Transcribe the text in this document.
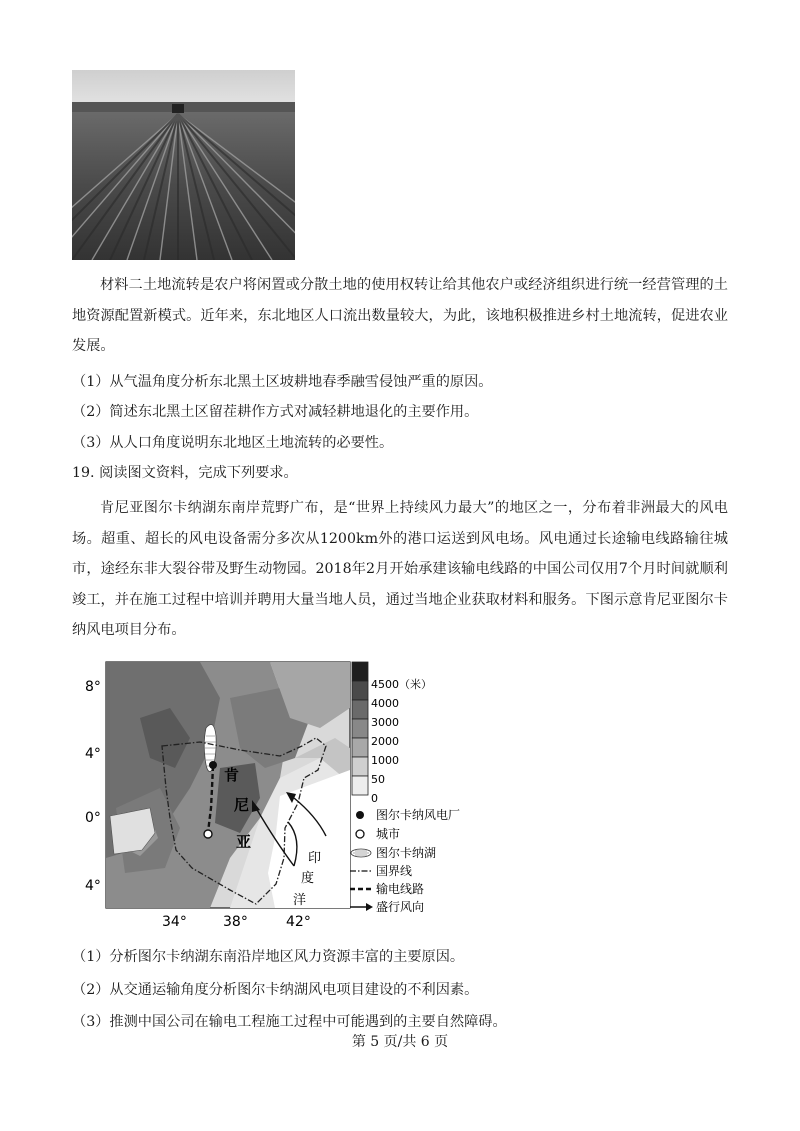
材料二土地流转是农户将闲置或分散土地的使用权转让给其他农户或经济组织进行统一经营管理的土地资源配置新模式。近年来，东北地区人口流出数量较大，为此，该地积极推进乡村土地流转，促进农业发展。
（1）从气温角度分析东北黑土区坡耕地春季融雪侵蚀严重的原因。
（2）简述东北黑土区留茬耕作方式对减轻耕地退化的主要作用。
（3）从人口角度说明东北地区土地流转的必要性。
19. 阅读图文资料，完成下列要求。
肯尼亚图尔卡纳湖东南岸荒野广布，是“世界上持续风力最大”的地区之一，分布着非洲最大的风电场。超重、超长的风电设备需分多次从1200km外的港口运送到风电场。风电通过长途输电线路输往城市，途经东非大裂谷带及野生动物园。2018年2月开始承建该输电线路的中国公司仅用7个月时间就顺利竣工，并在施工过程中培训并聘用大量当地人员，通过当地企业获取材料和服务。下图示意肯尼亚图尔卡纳风电项目分布。
8°
4°
0°
4°
34°	38°	42°
肯
尼
亚
印
度
洋
4500（米）
4000
3000
2000
1000
50
0
图尔卡纳风电厂
城市
图尔卡纳湖
国界线
输电线路
盛行风向
（1）分析图尔卡纳湖东南沿岸地区风力资源丰富的主要原因。
（2）从交通运输角度分析图尔卡纳湖风电项目建设的不利因素。
（3）推测中国公司在输电工程施工过程中可能遇到的主要自然障碍。
第 5 页/共 6 页
